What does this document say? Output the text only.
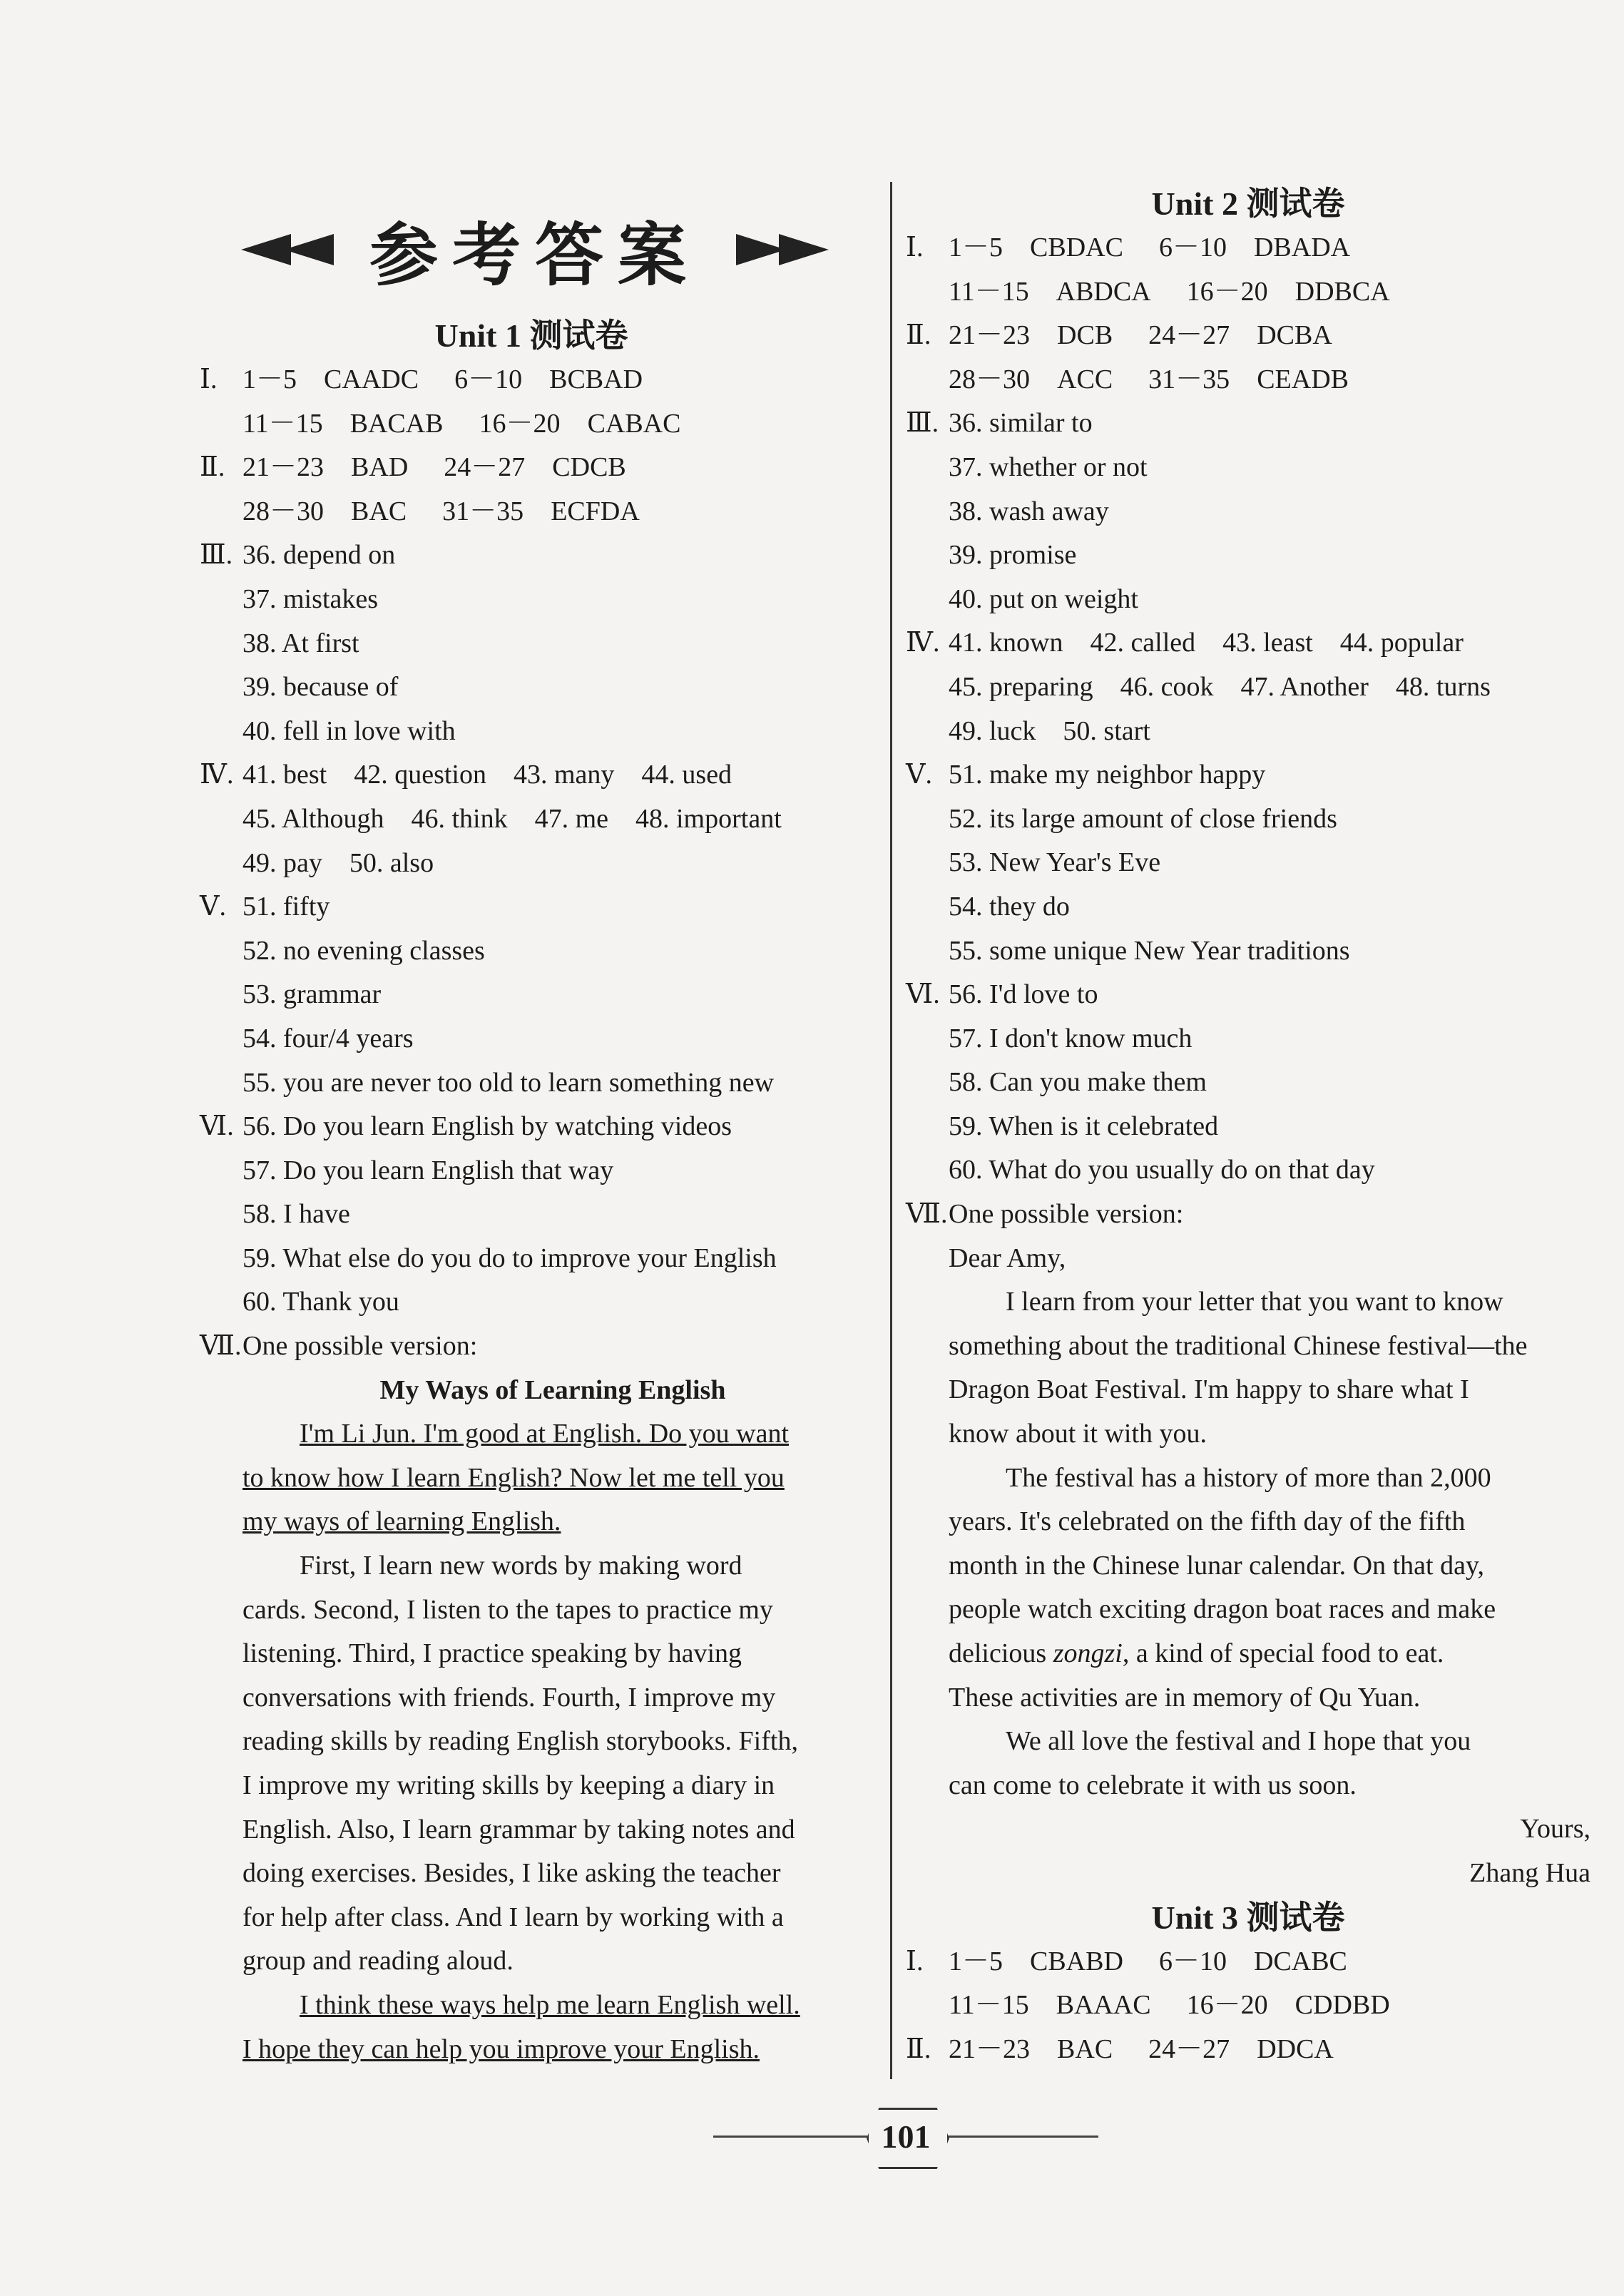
参考答案
Unit 1 测试卷
Ⅰ. 1－5　 CAADC 6－10　 BCBAD
11－15　 BACAB 16－20　 CABAC
Ⅱ. 21－23　 BAD 24－27　 CDCB
28－30　 BAC 31－35　 ECFDA
Ⅲ. 36. depend on
37. mistakes
38. At first
39. because of
40. fell in love with
Ⅳ. 41. best　42. question　43. many　44. used
45. Although　46. think　47. me　48. important
49. pay　50. also
Ⅴ. 51. fifty
52. no evening classes
53. grammar
54. four/4 years
55. you are never too old to learn something new
Ⅵ. 56. Do you learn English by watching videos
57. Do you learn English that way
58. I have
59. What else do you do to improve your English
60. Thank you
Ⅶ.One possible version:
My Ways of Learning English
I'm Li Jun. I'm good at English. Do you want
to know how I learn English? Now let me tell you
my ways of learning English.
First, I learn new words by making word
cards. Second, I listen to the tapes to practice my
listening. Third, I practice speaking by having
conversations with friends. Fourth, I improve my
reading skills by reading English storybooks. Fifth,
I improve my writing skills by keeping a diary in
English. Also, I learn grammar by taking notes and
doing exercises. Besides, I like asking the teacher
for help after class. And I learn by working with a
group and reading aloud.
I think these ways help me learn English well.
I hope they can help you improve your English.
Unit 2 测试卷
Ⅰ. 1－5　 CBDAC 6－10　 DBADA
11－15　 ABDCA 16－20　 DDBCA
Ⅱ. 21－23　 DCB 24－27　 DCBA
28－30　 ACC 31－35　 CEADB
Ⅲ. 36. similar to
37. whether or not
38. wash away
39. promise
40. put on weight
Ⅳ. 41. known　42. called　43. least　44. popular
45. preparing　46. cook　47. Another　48. turns
49. luck　50. start
Ⅴ. 51. make my neighbor happy
52. its large amount of close friends
53. New Year's Eve
54. they do
55. some unique New Year traditions
Ⅵ. 56. I'd love to
57. I don't know much
58. Can you make them
59. When is it celebrated
60. What do you usually do on that day
Ⅶ.One possible version:
Dear Amy,
I learn from your letter that you want to know
something about the traditional Chinese festival—the
Dragon Boat Festival. I'm happy to share what I
know about it with you.
The festival has a history of more than 2,000
years. It's celebrated on the fifth day of the fifth
month in the Chinese lunar calendar. On that day,
people watch exciting dragon boat races and make
delicious zongzi, a kind of special food to eat.
These activities are in memory of Qu Yuan.
We all love the festival and I hope that you
can come to celebrate it with us soon.
Yours,
Zhang Hua
Unit 3 测试卷
Ⅰ. 1－5　 CBABD 6－10　 DCABC
11－15　 BAAAC 16－20　 CDDBD
Ⅱ. 21－23　 BAC 24－27　 DDCA
101
